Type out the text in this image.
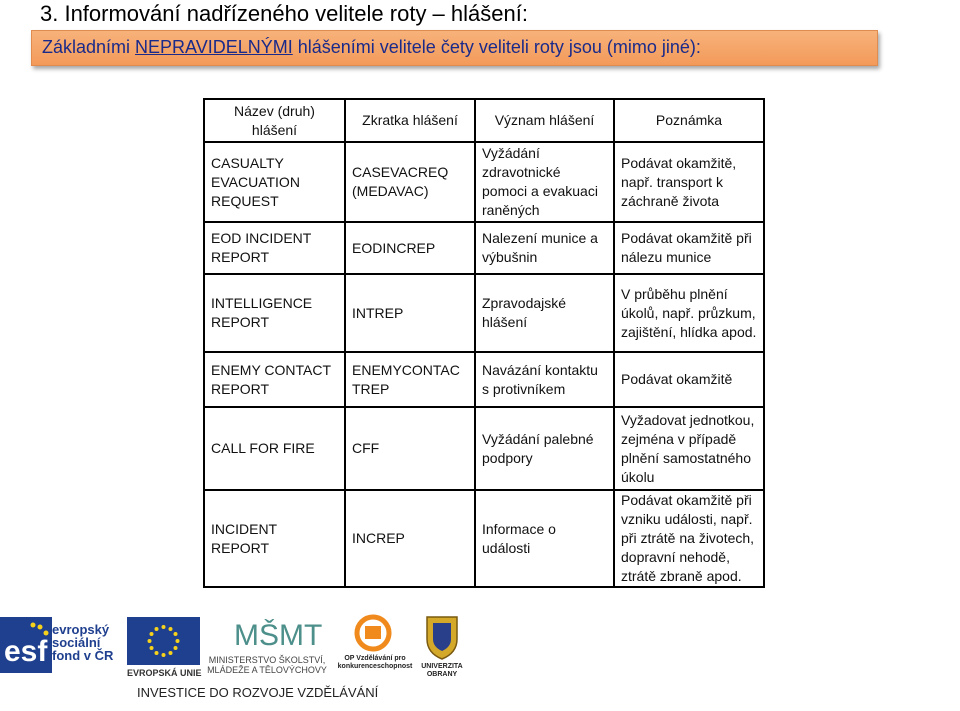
3. Informování nadřízeného velitele roty – hlášení:
Základními NEPRAVIDELNÝMI hlášeními velitele čety veliteli roty jsou (mimo jiné):
Název (druh) hlášení	Zkratka hlášení	Význam hlášení	Poznámka
CASUALTY EVACUATION REQUEST	CASEVACREQ (MEDAVAC)	Vyžádání zdravotnické pomoci a evakuaci raněných	Podávat okamžitě, např. transport k záchraně života
EOD INCIDENT REPORT	EODINCREP	Nalezení munice a výbušnin	Podávat okamžitě při nálezu munice
INTELLIGENCE REPORT	INTREP	Zpravodajské hlášení	V průběhu plnění úkolů, např. průzkum, zajištění, hlídka apod.
ENEMY CONTACT REPORT	ENEMYCONTAC TREP	Navázání kontaktu s protivníkem	Podávat okamžitě
CALL FOR FIRE	CFF	Vyžádání palebné podpory	Vyžadovat jednotkou, zejména v případě plnění samostatného úkolu
INCIDENT REPORT	INCREP	Informace o události	Podávat okamžitě při vzniku události, např. při ztrátě na životech, dopravní nehodě, ztrátě zbraně apod.
esf
evropský sociální fond v ČR
EVROPSKÁ UNIE
MŠMT
MINISTERSTVO ŠKOLSTVÍ, MLÁDEŽE A TĚLOVÝCHOVY
OP Vzdělávání pro konkurenceschopnost	UNIVERZITA OBRANY
INVESTICE DO ROZVOJE VZDĚLÁVÁNÍ
